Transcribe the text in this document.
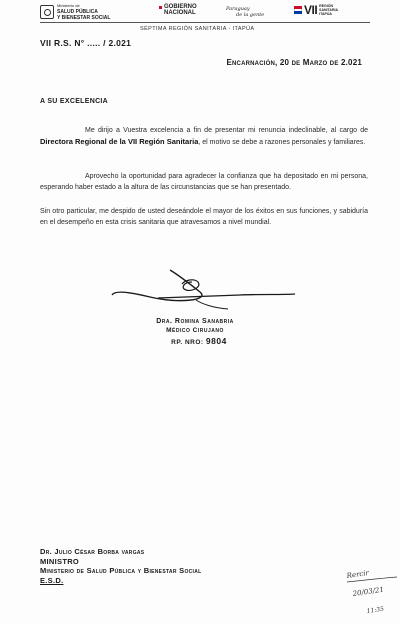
Ministerio de
SALUD PÚBLICA
Y BIENESTAR SOCIAL
GOBIERNO
NACIONAL
Paraguay
de la gente	VII REGIÓN
SANITARIA
ITAPÚA
SÉPTIMA REGIÓN SANITARIA - ITAPÚA
VII R.S. N° ..... / 2.021
Encarnación, 20 de Marzo de 2.021
A SU EXCELENCIA
Me dirijo a Vuestra excelencia a fin de presentar mi renuncia indeclinable, al cargo de Directora Regional de la VII Región Sanitaria, el motivo se debe a razones personales y familiares.
Aprovecho la oportunidad para agradecer la confianza que ha depositado en mi persona, esperando haber estado a la altura de las circunstancias que se han presentado.
Sin otro particular, me despido de usted deseándole el mayor de los éxitos en sus funciones, y sabiduría en el desempeño en esta crisis sanitaria que atravesamos a nivel mundial.
Dra. Romina Sanabria
Médico Cirujano
RP. NRO: 9804
Dr. Julio César Borba vargas
MINISTRO
Ministerio de Salud Pública y Bienestar Social
E.S.D.
Rercir
20/03/21
11:35
